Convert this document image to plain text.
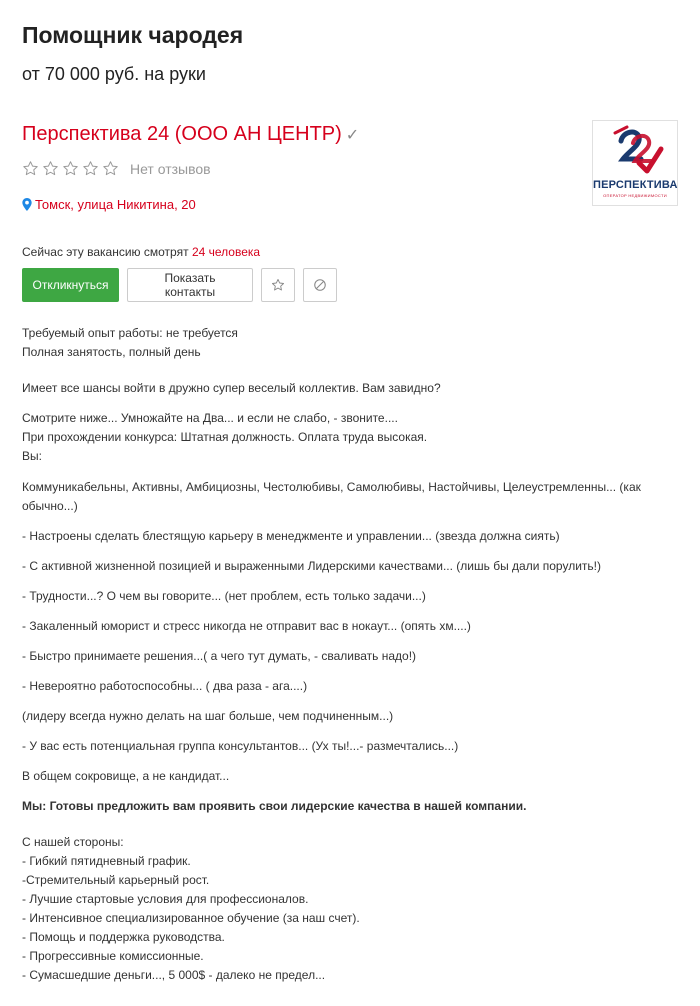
Помощник чародея
от 70 000 руб. на руки
Перспектива 24 (ООО АН ЦЕНТР) ✓
Нет отзывов
Томск, улица Никитина, 20
ПЕРСПЕКТИВА
ОПЕРАТОР НЕДВИЖИМОСТИ
Сейчас эту вакансию смотрят 24 человека
Откликнуться	Показать контакты

Требуемый опыт работы: не требуется

Полная занятость, полный день

Имеет все шансы войти в дружно супер веселый коллектив. Вам завидно?

Смотрите ниже... Умножайте на Два... и если не слабо, - звоните....

При прохождении конкурса: Штатная должность. Оплата труда высокая.

Вы:

Коммуникабельны, Активны, Амбициозны, Честолюбивы, Самолюбивы, Настойчивы, Целеустремленны... (как обычно...)

- Настроены сделать блестящую карьеру в менеджменте и управлении... (звезда должна сиять)

- С активной жизненной позицией и выраженными Лидерскими качествами... (лишь бы дали порулить!)

- Трудности...? О чем вы говорите... (нет проблем, есть только задачи...)

- Закаленный юморист и стресс никогда не отправит вас в нокаут... (опять хм....)

- Быстро принимаете решения...( а чего тут думать, - сваливать надо!)

- Невероятно работоспособны... ( два раза - ага....)

(лидеру всегда нужно делать на шаг больше, чем подчиненным...)

- У вас есть потенциальная группа консультантов... (Ух ты!...- размечтались...)

В общем сокровище, а не кандидат...

Мы: Готовы предложить вам проявить свои лидерские качества в нашей компании.

С нашей стороны:

- Гибкий пятидневный график.

-Стремительный карьерный рост.

- Лучшие стартовые условия для профессионалов.

- Интенсивное специализированное обучение (за наш счет).

- Помощь и поддержка руководства.

- Прогрессивные комиссионные.

- Сумасшедшие деньги..., 5 000$ - далеко не предел...
